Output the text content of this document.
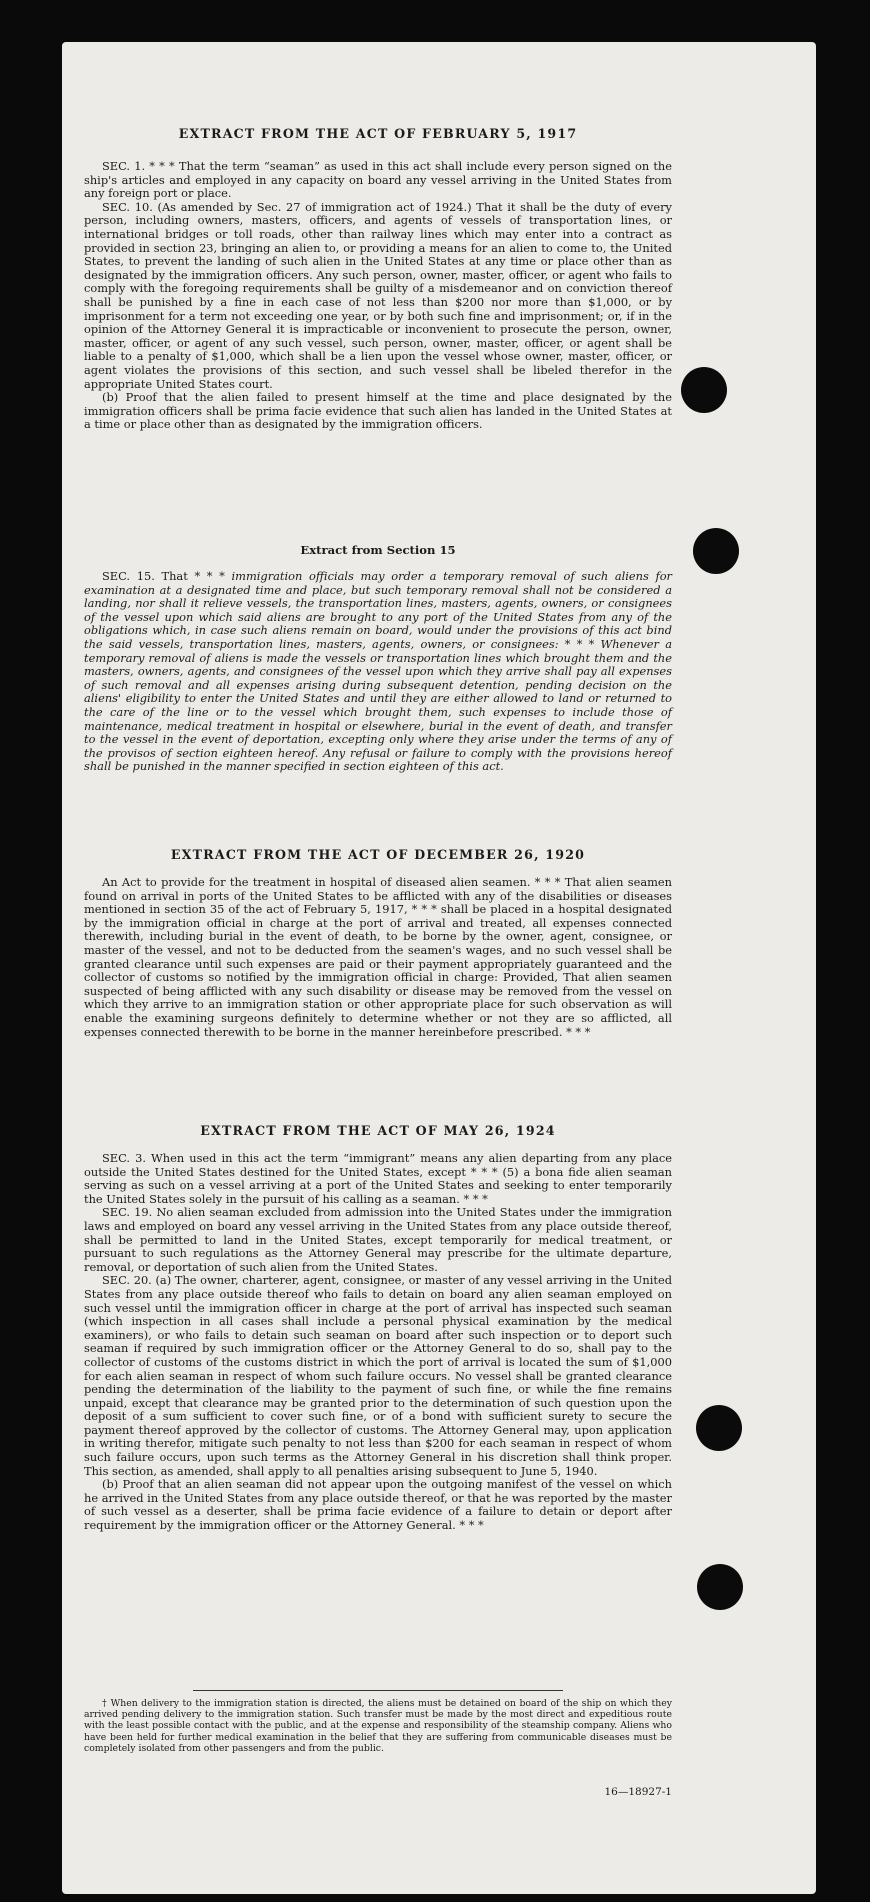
EXTRACT FROM THE ACT OF FEBRUARY 5, 1917

SEC. 1. * * * That the term “seaman” as used in this act shall include every person signed on the ship's articles and employed in any capacity on board any vessel arriving in the United States from any foreign port or place.

SEC. 10. (As amended by Sec. 27 of immigration act of 1924.) That it shall be the duty of every person, including owners, masters, officers, and agents of vessels of transportation lines, or international bridges or toll roads, other than railway lines which may enter into a contract as provided in section 23, bringing an alien to, or providing a means for an alien to come to, the United States, to prevent the landing of such alien in the United States at any time or place other than as designated by the immigration officers. Any such person, owner, master, officer, or agent who fails to comply with the foregoing requirements shall be guilty of a misdemeanor and on conviction thereof shall be punished by a fine in each case of not less than $200 nor more than $1,000, or by imprisonment for a term not exceeding one year, or by both such fine and imprisonment; or, if in the opinion of the Attorney General it is impracticable or inconvenient to prosecute the person, owner, master, officer, or agent of any such vessel, such person, owner, master, officer, or agent shall be liable to a penalty of $1,000, which shall be a lien upon the vessel whose owner, master, officer, or agent violates the provisions of this section, and such vessel shall be libeled therefor in the appropriate United States court.

(b) Proof that the alien failed to present himself at the time and place designated by the immigration officers shall be prima facie evidence that such alien has landed in the United States at a time or place other than as designated by the immigration officers.

Extract from Section 15

SEC. 15. That * * * immigration officials may order a temporary removal of such aliens for examination at a designated time and place, but such temporary removal shall not be considered a landing, nor shall it relieve vessels, the transportation lines, masters, agents, owners, or consignees of the vessel upon which said aliens are brought to any port of the United States from any of the obligations which, in case such aliens remain on board, would under the provisions of this act bind the said vessels, transportation lines, masters, agents, owners, or consignees: * * * Whenever a temporary removal of aliens is made the vessels or transportation lines which brought them and the masters, owners, agents, and consignees of the vessel upon which they arrive shall pay all expenses of such removal and all expenses arising during subsequent detention, pending decision on the aliens' eligibility to enter the United States and until they are either allowed to land or returned to the care of the line or to the vessel which brought them, such expenses to include those of maintenance, medical treatment in hospital or elsewhere, burial in the event of death, and transfer to the vessel in the event of deportation, excepting only where they arise under the terms of any of the provisos of section eighteen hereof. Any refusal or failure to comply with the provisions hereof shall be punished in the manner specified in section eighteen of this act.

EXTRACT FROM THE ACT OF DECEMBER 26, 1920

An Act to provide for the treatment in hospital of diseased alien seamen. * * * That alien seamen found on arrival in ports of the United States to be afflicted with any of the disabilities or diseases mentioned in section 35 of the act of February 5, 1917, * * * shall be placed in a hospital designated by the immigration official in charge at the port of arrival and treated, all expenses connected therewith, including burial in the event of death, to be borne by the owner, agent, consignee, or master of the vessel, and not to be deducted from the seamen's wages, and no such vessel shall be granted clearance until such expenses are paid or their payment appropriately guaranteed and the collector of customs so notified by the immigration official in charge: Provided, That alien seamen suspected of being afflicted with any such disability or disease may be removed from the vessel on which they arrive to an immigration station or other appropriate place for such observation as will enable the examining surgeons definitely to determine whether or not they are so afflicted, all expenses connected therewith to be borne in the manner hereinbefore prescribed. * * *

EXTRACT FROM THE ACT OF MAY 26, 1924

SEC. 3. When used in this act the term “immigrant” means any alien departing from any place outside the United States destined for the United States, except * * * (5) a bona fide alien seaman serving as such on a vessel arriving at a port of the United States and seeking to enter temporarily the United States solely in the pursuit of his calling as a seaman. * * *

SEC. 19. No alien seaman excluded from admission into the United States under the immigration laws and employed on board any vessel arriving in the United States from any place outside thereof, shall be permitted to land in the United States, except temporarily for medical treatment, or pursuant to such regulations as the Attorney General may prescribe for the ultimate departure, removal, or deportation of such alien from the United States.

SEC. 20. (a) The owner, charterer, agent, consignee, or master of any vessel arriving in the United States from any place outside thereof who fails to detain on board any alien seaman employed on such vessel until the immigration officer in charge at the port of arrival has inspected such seaman (which inspection in all cases shall include a personal physical examination by the medical examiners), or who fails to detain such seaman on board after such inspection or to deport such seaman if required by such immigration officer or the Attorney General to do so, shall pay to the collector of customs of the customs district in which the port of arrival is located the sum of $1,000 for each alien seaman in respect of whom such failure occurs. No vessel shall be granted clearance pending the determination of the liability to the payment of such fine, or while the fine remains unpaid, except that clearance may be granted prior to the determination of such question upon the deposit of a sum sufficient to cover such fine, or of a bond with sufficient surety to secure the payment thereof approved by the collector of customs. The Attorney General may, upon application in writing therefor, mitigate such penalty to not less than $200 for each seaman in respect of whom such failure occurs, upon such terms as the Attorney General in his discretion shall think proper. This section, as amended, shall apply to all penalties arising subsequent to June 5, 1940.

(b) Proof that an alien seaman did not appear upon the outgoing manifest of the vessel on which he arrived in the United States from any place outside thereof, or that he was reported by the master of such vessel as a deserter, shall be prima facie evidence of a failure to detain or deport after requirement by the immigration officer or the Attorney General. * * *

† When delivery to the immigration station is directed, the aliens must be detained on board of the ship on which they arrived pending delivery to the immigration station. Such transfer must be made by the most direct and expeditious route with the least possible contact with the public, and at the expense and responsibility of the steamship company. Aliens who have been held for further medical examination in the belief that they are suffering from communicable diseases must be completely isolated from other passengers and from the public.

16—18927-1
